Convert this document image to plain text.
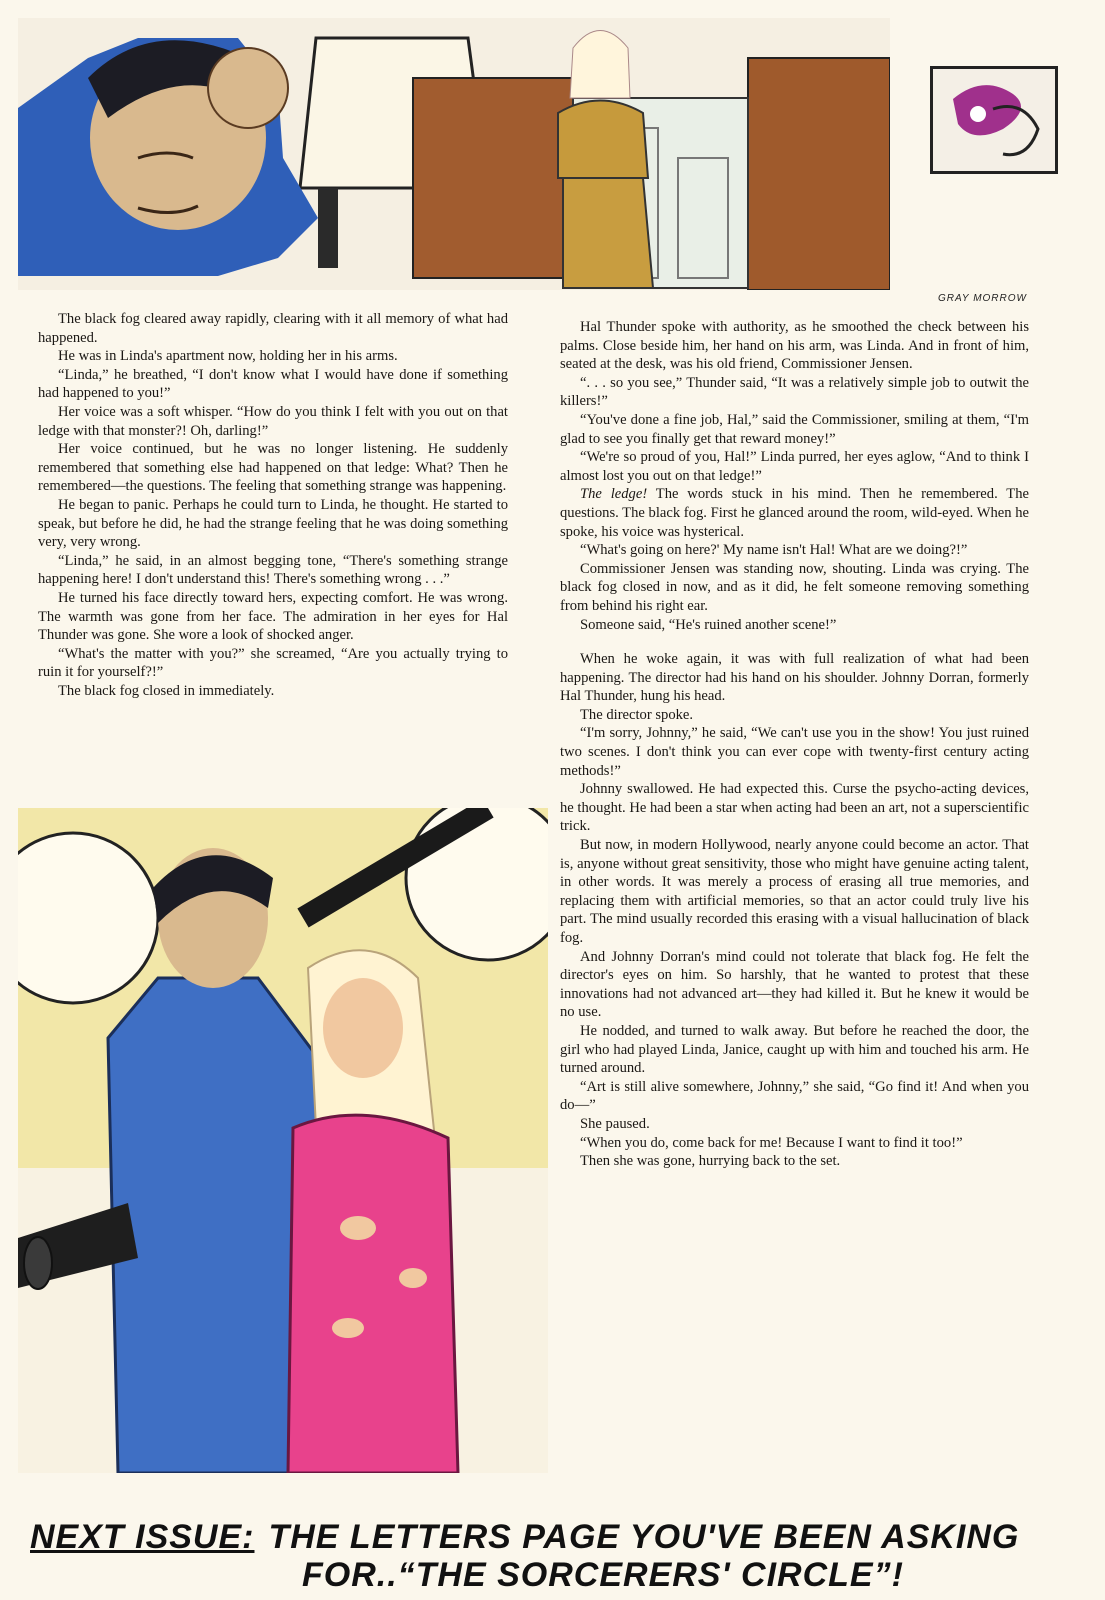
GRAY MORROW

The black fog cleared away rapidly, clearing with it all memory of what had happened.

He was in Linda's apartment now, holding her in his arms.

“Linda,” he breathed, “I don't know what I would have done if something had happened to you!”

Her voice was a soft whisper. “How do you think I felt with you out on that ledge with that monster?! Oh, darling!”

Her voice continued, but he was no longer listening. He suddenly remembered that something else had happened on that ledge: What? Then he remembered—the questions. The feeling that something strange was happening.

He began to panic. Perhaps he could turn to Linda, he thought. He started to speak, but before he did, he had the strange feeling that he was doing something very, very wrong.

“Linda,” he said, in an almost begging tone, “There's something strange happening here! I don't understand this! There's something wrong . . .”

He turned his face directly toward hers, expecting comfort. He was wrong. The warmth was gone from her face. The admiration in her eyes for Hal Thunder was gone. She wore a look of shocked anger.

“What's the matter with you?” she screamed, “Are you actually trying to ruin it for yourself?!”

The black fog closed in immediately.

Hal Thunder spoke with authority, as he smoothed the check between his palms. Close beside him, her hand on his arm, was Linda. And in front of him, seated at the desk, was his old friend, Commissioner Jensen.

“. . . so you see,” Thunder said, “It was a relatively simple job to outwit the killers!”

“You've done a fine job, Hal,” said the Commissioner, smiling at them, “I'm glad to see you finally get that reward money!”

“We're so proud of you, Hal!” Linda purred, her eyes aglow, “And to think I almost lost you out on that ledge!”

The ledge! The words stuck in his mind. Then he remembered. The questions. The black fog. First he glanced around the room, wild-eyed. When he spoke, his voice was hysterical.

“What's going on here?' My name isn't Hal! What are we doing?!”

Commissioner Jensen was standing now, shouting. Linda was crying. The black fog closed in now, and as it did, he felt someone removing something from behind his right ear.

Someone said, “He's ruined another scene!”

When he woke again, it was with full realization of what had been happening. The director had his hand on his shoulder. Johnny Dorran, formerly Hal Thunder, hung his head.

The director spoke.

“I'm sorry, Johnny,” he said, “We can't use you in the show! You just ruined two scenes. I don't think you can ever cope with twenty-first century acting methods!”

Johnny swallowed. He had expected this. Curse the psycho-acting devices, he thought. He had been a star when acting had been an art, not a superscientific trick.

But now, in modern Hollywood, nearly anyone could become an actor. That is, anyone without great sensitivity, those who might have genuine acting talent, in other words. It was merely a process of erasing all true memories, and replacing them with artificial memories, so that an actor could truly live his part. The mind usually recorded this erasing with a visual hallucination of black fog.

And Johnny Dorran's mind could not tolerate that black fog. He felt the director's eyes on him. So harshly, that he wanted to protest that these innovations had not advanced art—they had killed it. But he knew it would be no use.

He nodded, and turned to walk away. But before he reached the door, the girl who had played Linda, Janice, caught up with him and touched his arm. He turned around.

“Art is still alive somewhere, Johnny,” she said, “Go find it! And when you do—”

She paused.

“When you do, come back for me! Because I want to find it too!”

Then she was gone, hurrying back to the set.

NEXT ISSUE: THE LETTERS PAGE YOU'VE BEEN ASKING
FOR..“THE SORCERERS' CIRCLE”!
